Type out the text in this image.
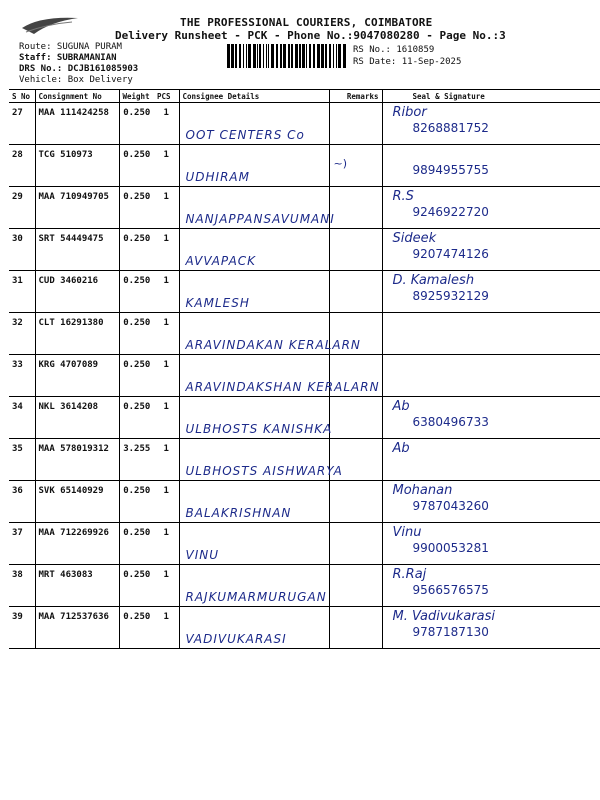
THE PROFESSIONAL COURIERS, COIMBATORE
Delivery Runsheet - PCK - Phone No.:9047080280 - Page No.:3
Route: SUGUNA PURAM
Staff: SUBRAMANIAN
DRS No.: DCJB161085903
Vehicle: Box Delivery
RS No.: 1610859
RS Date: 11-Sep-2025
S No	Consignment No	Weight	PCS	Consignee Details	Remarks	Seal & Signature
27	MAA 111424258	0.250	1	OOT CENTERS Co		Ribor
8268881752

28	TCG 510973	0.250	1	UDHIRAM	~)	9894955755

29	MAA 710949705	0.250	1	NANJAPPANSAVUMANI		R.S
9246922720

30	SRT 54449475	0.250	1	AVVAPACK		Sideek
9207474126

31	CUD 3460216	0.250	1	KAMLESH		D. Kamalesh
8925932129

32	CLT 16291380	0.250	1	ARAVINDAKAN KERALARN		

33	KRG 4707089	0.250	1	ARAVINDAKSHAN KERALARN		

34	NKL 3614208	0.250	1	ULBHOSTS KANISHKA		Ab
6380496733

35	MAA 578019312	3.255	1	ULBHOSTS AISHWARYA		Ab

36	SVK 65140929	0.250	1	BALAKRISHNAN		Mohanan
9787043260

37	MAA 712269926	0.250	1	VINU		Vinu
9900053281

38	MRT 463083	0.250	1	RAJKUMARMURUGAN		R.Raj
9566576575

39	MAA 712537636	0.250	1	VADIVUKARASI		M. Vadivukarasi
9787187130
